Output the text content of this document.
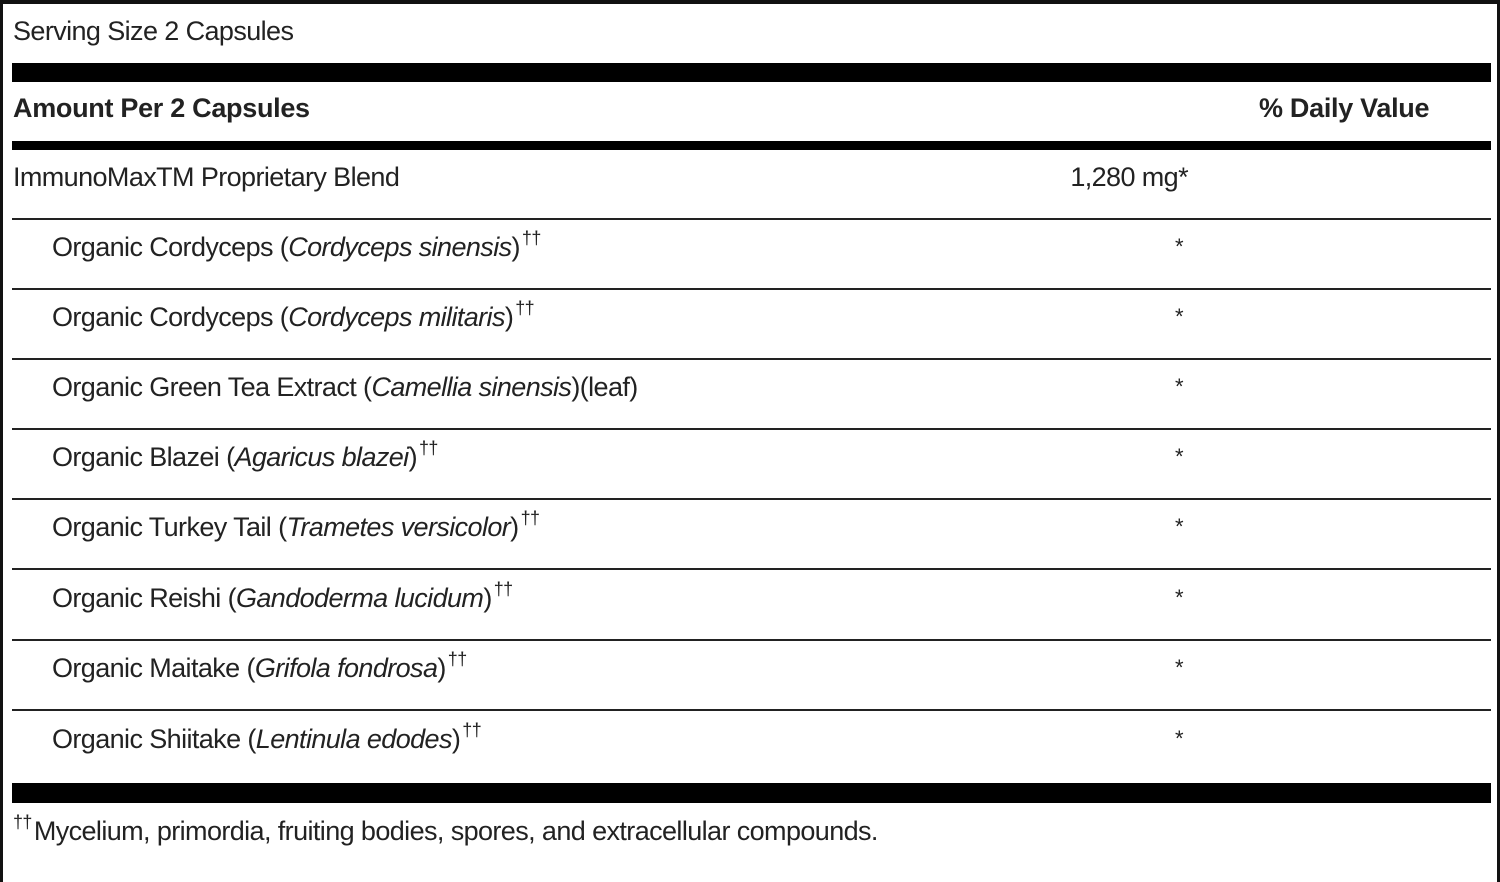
Serving Size 2 Capsules
Amount Per 2 Capsules	% Daily Value
ImmunoMaxTM Proprietary Blend	1,280 mg*
Organic Cordyceps (Cordyceps sinensis) ††	*
Organic Cordyceps (Cordyceps militaris) ††	*
Organic Green Tea Extract (Camellia sinensis)(leaf)	*
Organic Blazei (Agaricus blazei) ††	*
Organic Turkey Tail (Trametes versicolor) ††	*
Organic Reishi (Gandoderma lucidum) ††	*
Organic Maitake (Grifola fondrosa) ††	*
Organic Shiitake (Lentinula edodes) ††	*
††Mycelium, primordia, fruiting bodies, spores, and extracellular compounds.
